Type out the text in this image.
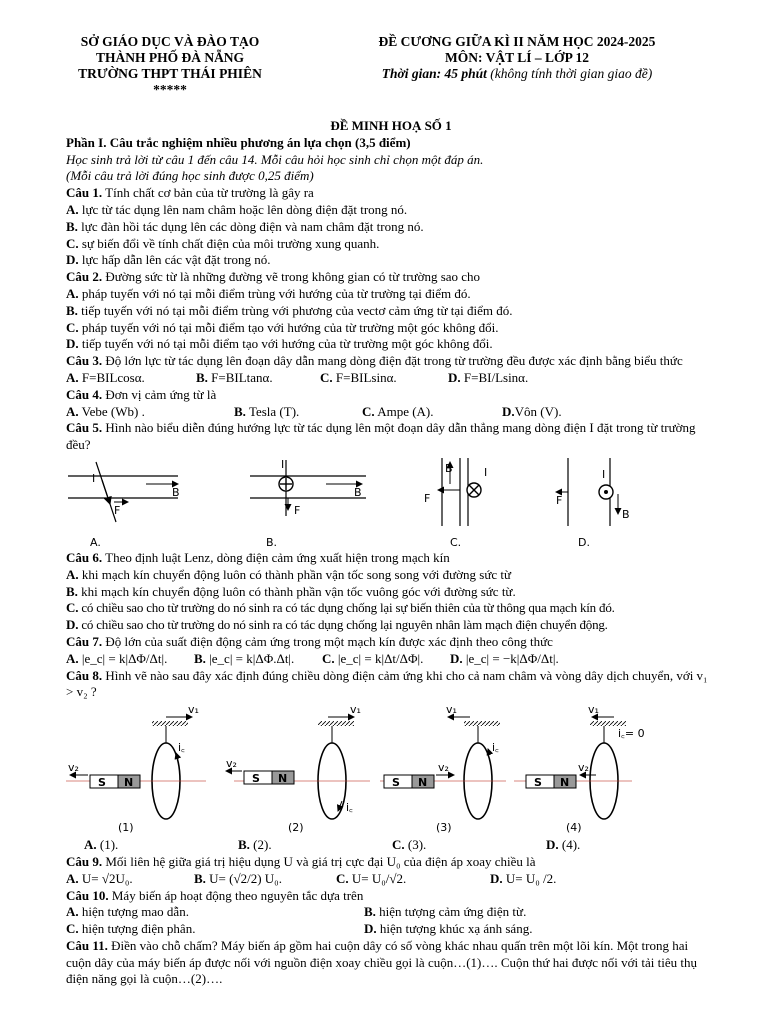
SỞ GIÁO DỤC VÀ ĐÀO TẠO
THÀNH PHỐ ĐÀ NẴNG
TRƯỜNG THPT THÁI PHIÊN
*****
ĐỀ CƯƠNG GIỮA KÌ II NĂM HỌC 2024-2025
MÔN: VẬT LÍ – LỚP 12
Thời gian: 45 phút (không tính thời gian giao đề)
ĐỀ MINH HOẠ SỐ 1
Phần I. Câu trắc nghiệm nhiều phương án lựa chọn (3,5 điểm)
Học sinh trả lời từ câu 1 đến câu 14. Mỗi câu hỏi học sinh chỉ chọn một đáp án.
(Mỗi câu trả lời đúng học sinh được 0,25 điểm)
Câu 1. Tính chất cơ bản của từ trường là gây ra
A. lực từ tác dụng lên nam châm hoặc lên dòng điện đặt trong nó.
B. lực đàn hồi tác dụng lên các dòng điện và nam châm đặt trong nó.
C. sự biến đổi về tính chất điện của môi trường xung quanh.
D. lực hấp dẫn lên các vật đặt trong nó.
Câu 2. Đường sức từ là những đường vẽ trong không gian có từ trường sao cho
A. pháp tuyến với nó tại mỗi điểm trùng với hướng của từ trường tại điểm đó.
B. tiếp tuyến với nó tại mỗi điểm trùng với phương của vectơ cảm ứng từ tại điểm đó.
C. pháp tuyến với nó tại mỗi điểm tạo với hướng của từ trường một góc không đổi.
D. tiếp tuyến với nó tại mỗi điểm tạo với hướng của từ trường một góc không đổi.
Câu 3. Độ lớn lực từ tác dụng lên đoạn dây dẫn mang dòng điện đặt trong từ trường đều được xác định bằng biểu thức
A. F=BILcosα.	B. F=BILtanα.	C. F=BILsinα.	D. F=BI/Lsinα.
Câu 4. Đơn vị cảm ứng từ là
A. Vebe (Wb) .	B. Tesla (T).	C. Ampe (A).	D.Vôn (V).
Câu 5. Hình nào biểu diễn đúng hướng lực từ tác dụng lên một đoạn dây dẫn thẳng mang dòng điện I đặt trong từ trường đều?
I
B
F
A.
I
B
F
B.
B	I
F
C.
I
F
B
D.
Câu 6. Theo định luật Lenz, dòng điện cảm ứng xuất hiện trong mạch kín
A. khi mạch kín chuyển động luôn có thành phần vận tốc song song với đường sức từ
B. khi mạch kín chuyển động luôn có thành phần vận tốc vuông góc với đường sức từ.
C. có chiều sao cho từ trường do nó sinh ra có tác dụng chống lại sự biến thiên của từ thông qua mạch kín đó.
D. có chiều sao cho từ trường do nó sinh ra có tác dụng chống lại nguyên nhân làm mạch điện chuyển động.
Câu 7. Độ lớn của suất điện động cảm ứng trong một mạch kín được xác định theo công thức
A. |e_c| = k|ΔΦ/Δt|.	B. |e_c| = k|ΔΦ.Δt|.	C. |e_c| = k|Δt/ΔΦ|.	D. |e_c| = −k|ΔΦ/Δt|.
Câu 8. Hình vẽ nào sau đây xác định đúng chiều dòng điện cảm ứng khi cho cả nam châm và vòng dây dịch chuyển, với v₁ > v₂ ?
S N
v₁
v₂
i꜀
(1)
S N
v₁
v₂
i꜀
(2)
S N
v₁
v₂
i꜀
(3)
S N
v₁
v₂
i꜀= 0
(4)
A. (1).	B. (2).	C. (3).	D. (4).
Câu 9. Mối liên hệ giữa giá trị hiệu dụng U và giá trị cực đại U₀ của điện áp xoay chiều là
A. U= √2U₀.	B. U= (√2/2) U₀.	C. U= U₀/√2.	D. U= U₀ /2.
Câu 10. Máy biến áp hoạt động theo nguyên tắc dựa trên
A. hiện tượng mao dẫn.	B. hiện tượng cảm ứng điện từ.
C. hiện tượng điện phân.	D. hiện tượng khúc xạ ánh sáng.
Câu 11. Điền vào chỗ chấm? Máy biến áp gồm hai cuộn dây có số vòng khác nhau quấn trên một lõi kín. Một trong hai cuộn dây của máy biến áp được nối với nguồn điện xoay chiều gọi là cuộn…(1)…. Cuộn thứ hai được nối với tải tiêu thụ điện năng gọi là cuộn…(2)….
